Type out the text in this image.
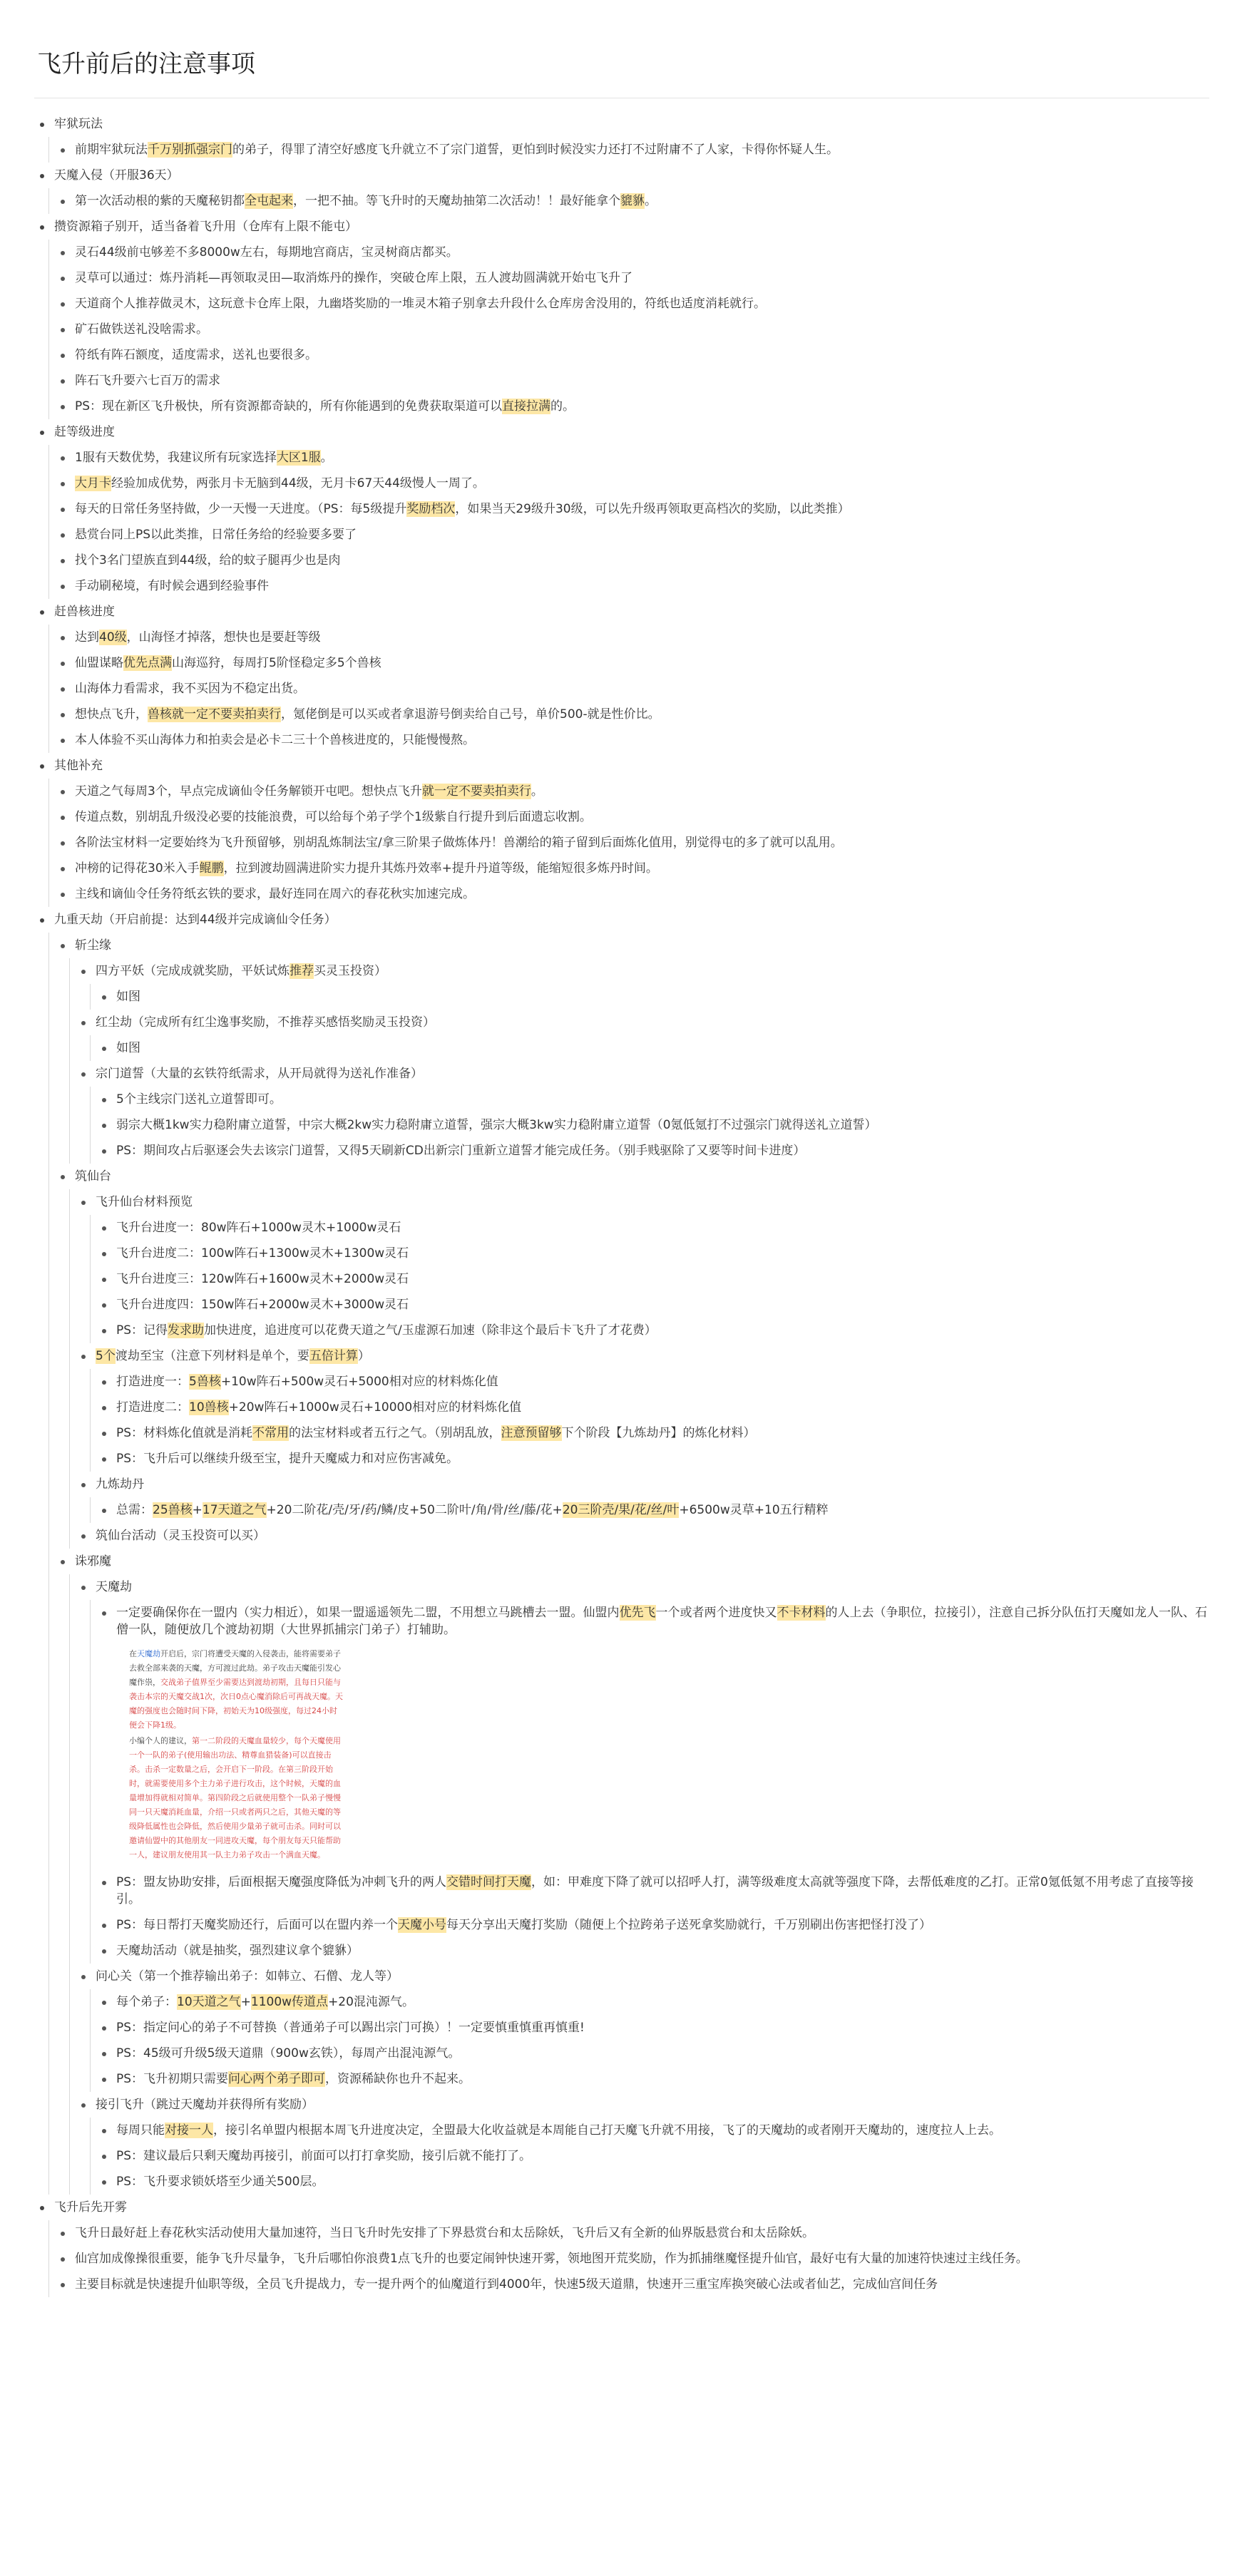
飞升前后的注意事项
牢狱玩法
前期牢狱玩法千万别抓强宗门的弟子，得罪了清空好感度飞升就立不了宗门道誓，更怕到时候没实力还打不过附庸不了人家，卡得你怀疑人生。
天魔入侵（开服36天）
第一次活动根的紫的天魔秘钥都全屯起来，一把不抽。等飞升时的天魔劫抽第二次活动！！最好能拿个貔貅。
攒资源箱子别开，适当备着飞升用（仓库有上限不能屯）
灵石44级前屯够差不多8000w左右，每期地宫商店，宝灵树商店都买。
灵草可以通过：炼丹消耗—再领取灵田—取消炼丹的操作，突破仓库上限，五人渡劫圆满就开始屯飞升了
天道商个人推荐做灵木，这玩意卡仓库上限，九幽塔奖励的一堆灵木箱子别拿去升段什么仓库房舍没用的，符纸也适度消耗就行。
矿石做铁送礼没啥需求。
符纸有阵石额度，适度需求，送礼也要很多。
阵石飞升要六七百万的需求
PS：现在新区飞升极快，所有资源都奇缺的，所有你能遇到的免费获取渠道可以直接拉满的。
赶等级进度
1服有天数优势，我建议所有玩家选择大区1服。
大月卡经验加成优势，两张月卡无脑到44级，无月卡67天44级慢人一周了。
每天的日常任务坚持做，少一天慢一天进度。（PS：每5级提升奖励档次，如果当天29级升30级，可以先升级再领取更高档次的奖励，以此类推）
悬赏台同上PS以此类推，日常任务给的经验要多要了
找个3名门望族直到44级，给的蚊子腿再少也是肉
手动刷秘境，有时候会遇到经验事件
赶兽核进度
达到40级，山海怪才掉落，想快也是要赶等级
仙盟谋略优先点满山海巡狩，每周打5阶怪稳定多5个兽核
山海体力看需求，我不买因为不稳定出货。
想快点飞升，兽核就一定不要卖拍卖行，氪佬倒是可以买或者拿退游号倒卖给自己号，单价500-就是性价比。
本人体验不买山海体力和拍卖会是必卡二三十个兽核进度的，只能慢慢熬。
其他补充
天道之气每周3个，早点完成谪仙令任务解锁开屯吧。想快点飞升就一定不要卖拍卖行。
传道点数，别胡乱升级没必要的技能浪费，可以给每个弟子学个1级紫自行提升到后面遗忘收割。
各阶法宝材料一定要始终为飞升预留够，别胡乱炼制法宝/拿三阶果子做炼体丹！兽潮给的箱子留到后面炼化值用，别觉得屯的多了就可以乱用。
冲榜的记得花30米入手鲲鹏，拉到渡劫圆满进阶实力提升其炼丹效率+提升丹道等级，能缩短很多炼丹时间。
主线和谪仙令任务符纸玄铁的要求，最好连同在周六的春花秋实加速完成。
九重天劫（开启前提：达到44级并完成谪仙令任务）
斩尘缘
四方平妖（完成成就奖励，平妖试炼推荐买灵玉投资）
如图
红尘劫（完成所有红尘逸事奖励，不推荐买感悟奖励灵玉投资）
如图
宗门道誓（大量的玄铁符纸需求，从开局就得为送礼作准备）
5个主线宗门送礼立道誓即可。
弱宗大概1kw实力稳附庸立道誓，中宗大概2kw实力稳附庸立道誓，强宗大概3kw实力稳附庸立道誓（0氪低氪打不过强宗门就得送礼立道誓）
PS：期间攻占后驱逐会失去该宗门道誓，又得5天刷新CD出新宗门重新立道誓才能完成任务。（别手贱驱除了又要等时间卡进度）
筑仙台
飞升仙台材料预览
飞升台进度一：80w阵石+1000w灵木+1000w灵石
飞升台进度二：100w阵石+1300w灵木+1300w灵石
飞升台进度三：120w阵石+1600w灵木+2000w灵石
飞升台进度四：150w阵石+2000w灵木+3000w灵石
PS：记得发求助加快进度，追进度可以花费天道之气/玉虚源石加速（除非这个最后卡飞升了才花费）
5个渡劫至宝（注意下列材料是单个，要五倍计算）
打造进度一：5兽核+10w阵石+500w灵石+5000相对应的材料炼化值
打造进度二：10兽核+20w阵石+1000w灵石+10000相对应的材料炼化值
PS：材料炼化值就是消耗不常用的法宝材料或者五行之气。（别胡乱放，注意预留够下个阶段【九炼劫丹】的炼化材料）
PS：飞升后可以继续升级至宝，提升天魔威力和对应伤害减免。
九炼劫丹
总需：25兽核+17天道之气+20二阶花/壳/牙/药/鳞/皮+50二阶叶/角/骨/丝/藤/花+20三阶壳/果/花/丝/叶+6500w灵草+10五行精粹
筑仙台活动（灵玉投资可以买）
诛邪魔
天魔劫
一定要确保你在一盟内（实力相近），如果一盟遥遥领先二盟，不用想立马跳槽去一盟。仙盟内优先飞一个或者两个进度快又不卡材料的人上去（争职位，拉接引），注意自己拆分队伍打天魔如龙人一队、石僧一队，随便放几个渡劫初期（大世界抓捕宗门弟子）打辅助。

在天魔劫开启后，宗门将遭受天魔的入侵袭击，能将需要弟子去救全部来袭的天魔，方可渡过此劫。弟子攻击天魔能引发心魔作祟，交战弟子值界至少需要达到渡劫初期，且每日只能与袭击本宗的天魔交战1次，次日0点心魔消除后可再战天魔。天魔的强度也会随时间下降，初始天为10级强度，每过24小时便会下降1级。

小编个人的建议，第一二阶段的天魔血量较少，每个天魔使用一个一队的弟子(使用输出功法、精尊血猎装备)可以直接击杀。击杀一定数量之后，会开启下一阶段。在第三阶段开始时，就需要使用多个主力弟子进行攻击，这个时候，天魔的血量增加得就相对简单。第四阶段之后就使用整个一队弟子慢慢同一只天魔消耗血量，介绍一只或者两只之后，其他天魔的等级降低属性也会降低，然后使用少量弟子就可击杀。同时可以邀请仙盟中的其他朋友一同进攻天魔，每个朋友每天只能帮助一人，建议朋友使用其一队主力弟子攻击一个满血天魔。

PS：盟友协助安排，后面根据天魔强度降低为冲刺飞升的两人交错时间打天魔，如：甲难度下降了就可以招呼人打，满等级难度太高就等强度下降，去帮低难度的乙打。正常0氪低氪不用考虑了直接等接引。
PS：每日帮打天魔奖励还行，后面可以在盟内养一个天魔小号每天分享出天魔打奖励（随便上个拉跨弟子送死拿奖励就行，千万别刷出伤害把怪打没了）
天魔劫活动（就是抽奖，强烈建议拿个貔貅）
问心关（第一个推荐输出弟子：如韩立、石僧、龙人等）
每个弟子：10天道之气+1100w传道点+20混沌源气。
PS：指定问心的弟子不可替换（普通弟子可以踢出宗门可换）！一定要慎重慎重再慎重!
PS：45级可升级5级天道鼎（900w玄铁），每周产出混沌源气。
PS：飞升初期只需要问心两个弟子即可，资源稀缺你也升不起来。
接引飞升（跳过天魔劫并获得所有奖励）
每周只能对接一人，接引名单盟内根据本周飞升进度决定，全盟最大化收益就是本周能自己打天魔飞升就不用接，飞了的天魔劫的或者刚开天魔劫的，速度拉人上去。
PS：建议最后只剩天魔劫再接引，前面可以打打拿奖励，接引后就不能打了。
PS：飞升要求锁妖塔至少通关500层。
飞升后先开雾
飞升日最好赶上春花秋实活动使用大量加速符，当日飞升时先安排了下界悬赏台和太岳除妖，飞升后又有全新的仙界版悬赏台和太岳除妖。
仙宫加成像操很重要，能争飞升尽量争，飞升后哪怕你浪费1点飞升的也要定闹钟快速开雾，领地图开荒奖励，作为抓捕继魔怪提升仙官，最好屯有大量的加速符快速过主线任务。
主要目标就是快速提升仙职等级，全员飞升提战力，专一提升两个的仙魔道行到4000年，快速5级天道鼎，快速开三重宝库换突破心法或者仙艺，完成仙宫间任务
